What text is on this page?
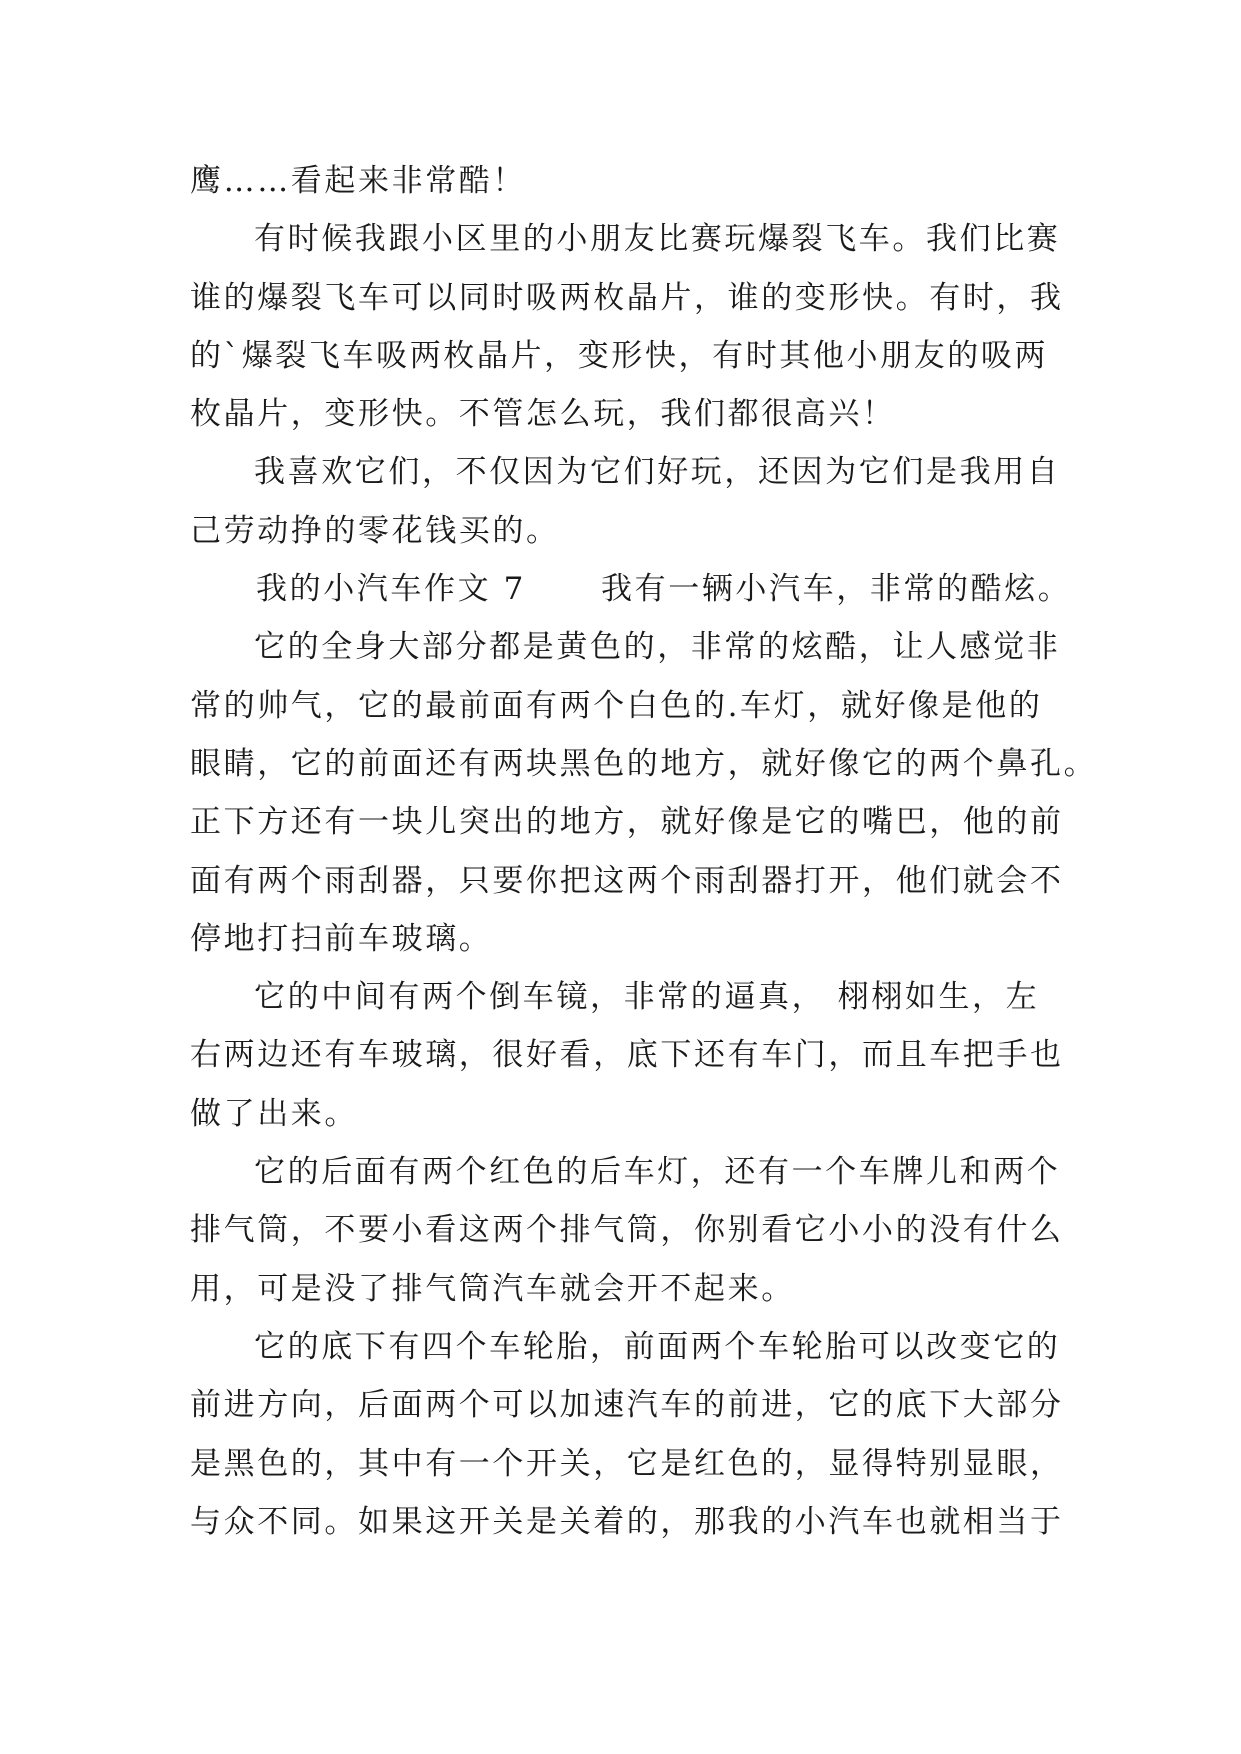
鹰……看起来非常酷！
有时候我跟小区里的小朋友比赛玩爆裂飞车。我们比赛
谁的爆裂飞车可以同时吸两枚晶片，谁的变形快。有时，我
的`爆裂飞车吸两枚晶片，变形快，有时其他小朋友的吸两
枚晶片，变形快。不管怎么玩，我们都很高兴！
我喜欢它们，不仅因为它们好玩，还因为它们是我用自
己劳动挣的零花钱买的。
我的小汽车作文 7 我有一辆小汽车，非常的酷炫。
它的全身大部分都是黄色的，非常的炫酷，让人感觉非
常的帅气，它的最前面有两个白色的.车灯，就好像是他的
眼睛，它的前面还有两块黑色的地方，就好像它的两个鼻孔。
正下方还有一块儿突出的地方，就好像是它的嘴巴，他的前
面有两个雨刮器，只要你把这两个雨刮器打开，他们就会不
停地打扫前车玻璃。
它的中间有两个倒车镜，非常的逼真， 栩栩如生，左
右两边还有车玻璃，很好看，底下还有车门，而且车把手也
做了出来。
它的后面有两个红色的后车灯，还有一个车牌儿和两个
排气筒，不要小看这两个排气筒，你别看它小小的没有什么
用，可是没了排气筒汽车就会开不起来。
它的底下有四个车轮胎，前面两个车轮胎可以改变它的
前进方向，后面两个可以加速汽车的前进，它的底下大部分
是黑色的，其中有一个开关，它是红色的，显得特别显眼，
与众不同。如果这开关是关着的，那我的小汽车也就相当于
